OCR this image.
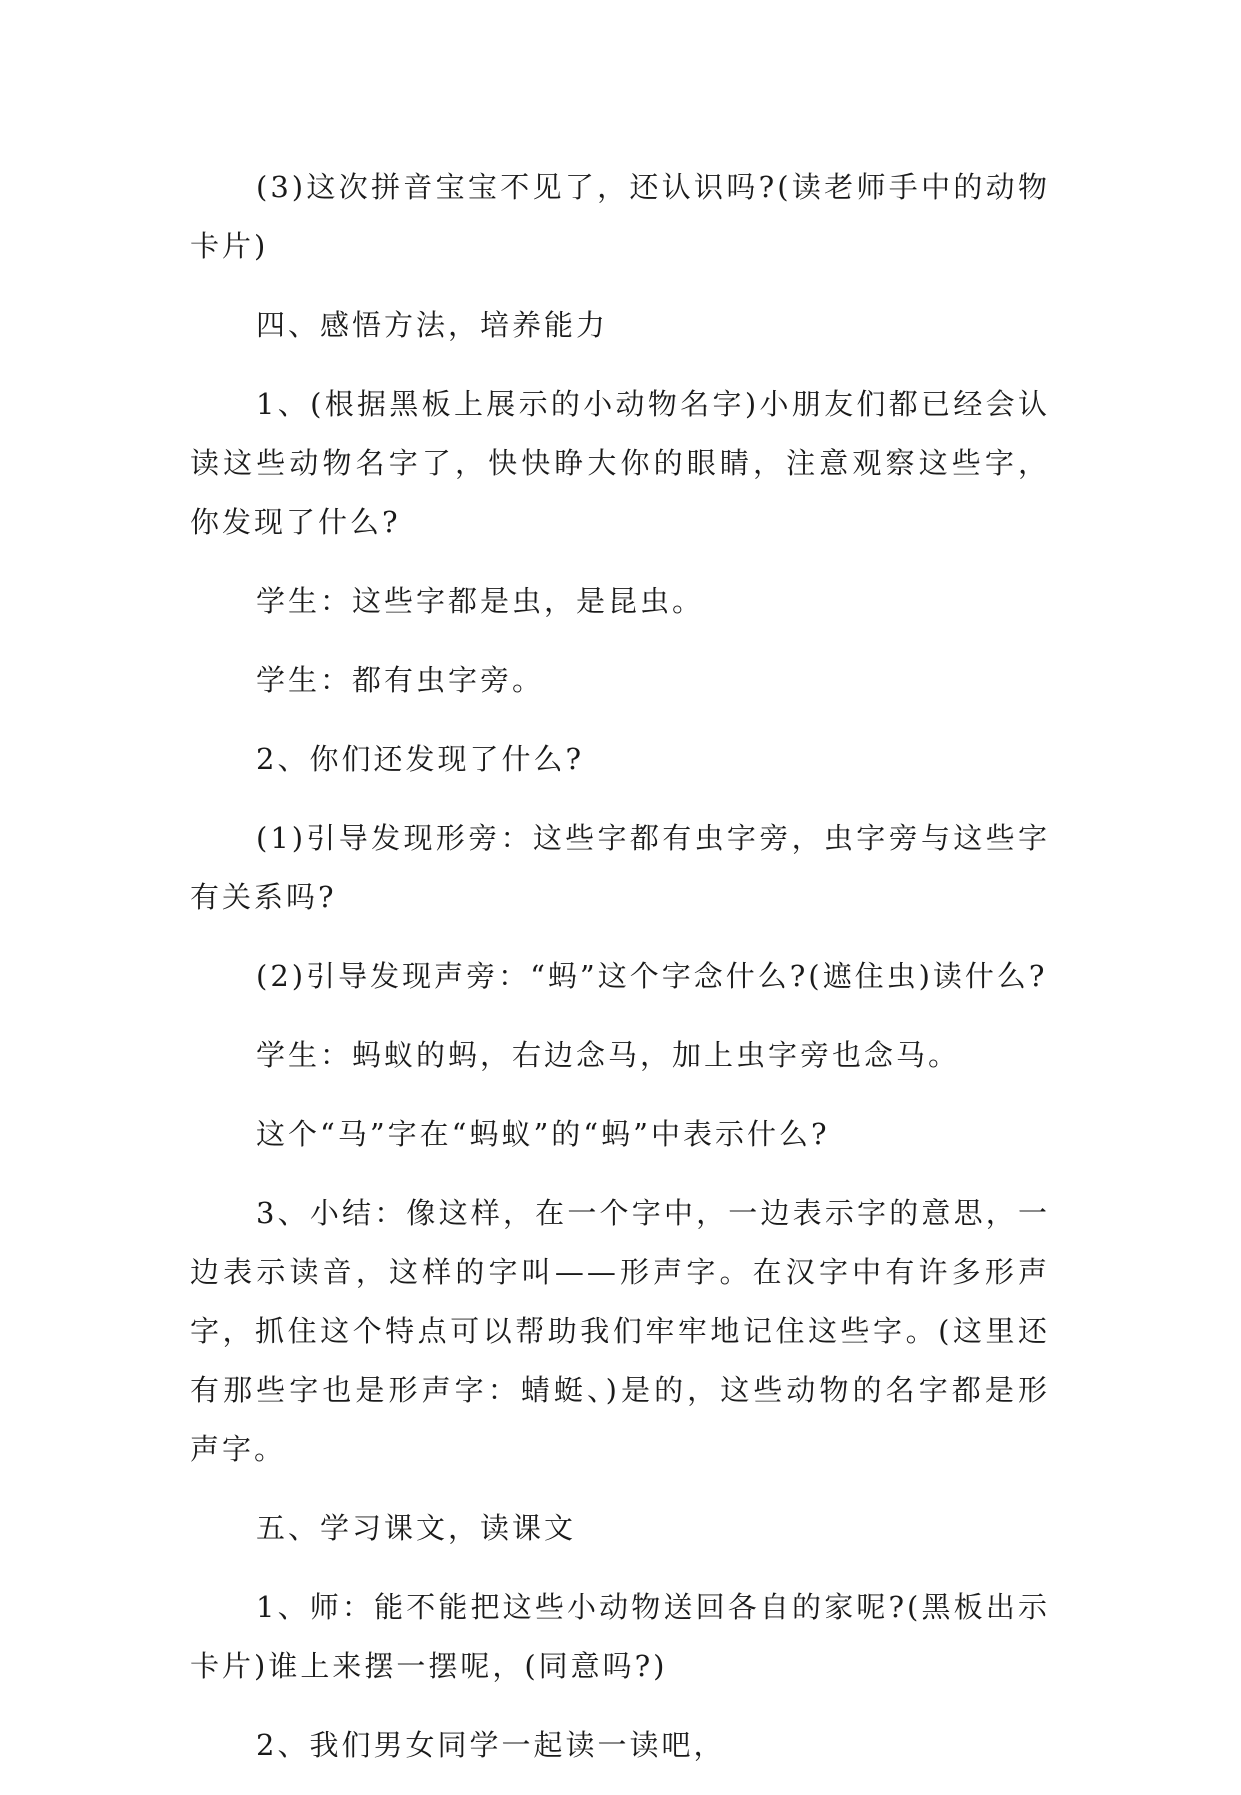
(3)这次拼音宝宝不见了，还认识吗?(读老师手中的动物卡片)

四、感悟方法，培养能力

1、(根据黑板上展示的小动物名字)小朋友们都已经会认读这些动物名字了，快快睁大你的眼睛，注意观察这些字，你发现了什么?

学生：这些字都是虫，是昆虫。

学生：都有虫字旁。

2、你们还发现了什么?

(1)引导发现形旁：这些字都有虫字旁，虫字旁与这些字有关系吗?

(2)引导发现声旁：“蚂”这个字念什么?(遮住虫)读什么?

学生：蚂蚁的蚂，右边念马，加上虫字旁也念马。

这个“马”字在“蚂蚁”的“蚂”中表示什么?

3、小结：像这样，在一个字中，一边表示字的意思，一边表示读音，这样的字叫——形声字。在汉字中有许多形声字，抓住这个特点可以帮助我们牢牢地记住这些字。(这里还有那些字也是形声字：蜻蜓、)是的，这些动物的名字都是形声字。

五、学习课文，读课文

1、师：能不能把这些小动物送回各自的家呢?(黑板出示卡片)谁上来摆一摆呢，(同意吗?)

2、我们男女同学一起读一读吧，
